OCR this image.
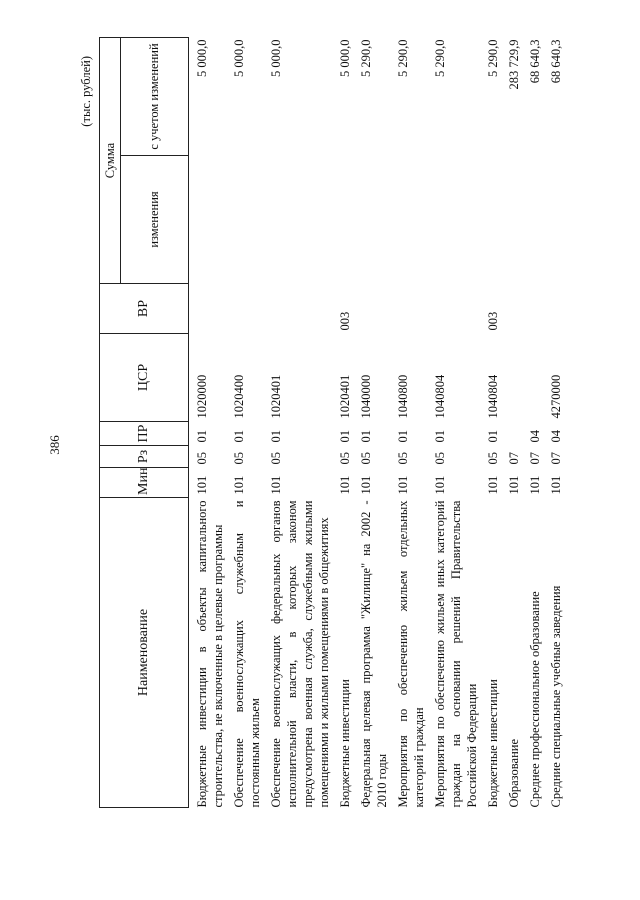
386
(тыс. рублей)
Наименование	Мин	Рз	ПР	ЦСР	ВР	Сумма	
						изменения	с учетом изменений
Бюджетные инвестиции в объекты капитального строительства, не включенные в целевые программы	101	05	01	1020000			5 000,0
Обеспечение военнослужащих служебным и постоянным жильем	101	05	01	1020400			5 000,0
Обеспечение военнослужащих федеральных органов исполнительной власти, в которых законом предусмотрена военная служба, служебными жилыми помещениями и жилыми помещениями в общежитиях	101	05	01	1020401			5 000,0
Бюджетные инвестиции	101	05	01	1020401	003		5 000,0
Федеральная целевая программа "Жилище" на 2002 - 2010 годы	101	05	01	1040000			5 290,0
Мероприятия по обеспечению жильем отдельных категорий граждан	101	05	01	1040800			5 290,0
Мероприятия по обеспечению жильем иных категорий граждан на основании решений Правительства Российской Федерации	101	05	01	1040804			5 290,0
Бюджетные инвестиции	101	05	01	1040804	003		5 290,0
Образование	101	07					283 729,9
Среднее профессиональное образование	101	07	04				68 640,3
Средние специальные учебные заведения	101	07	04	4270000			68 640,3
